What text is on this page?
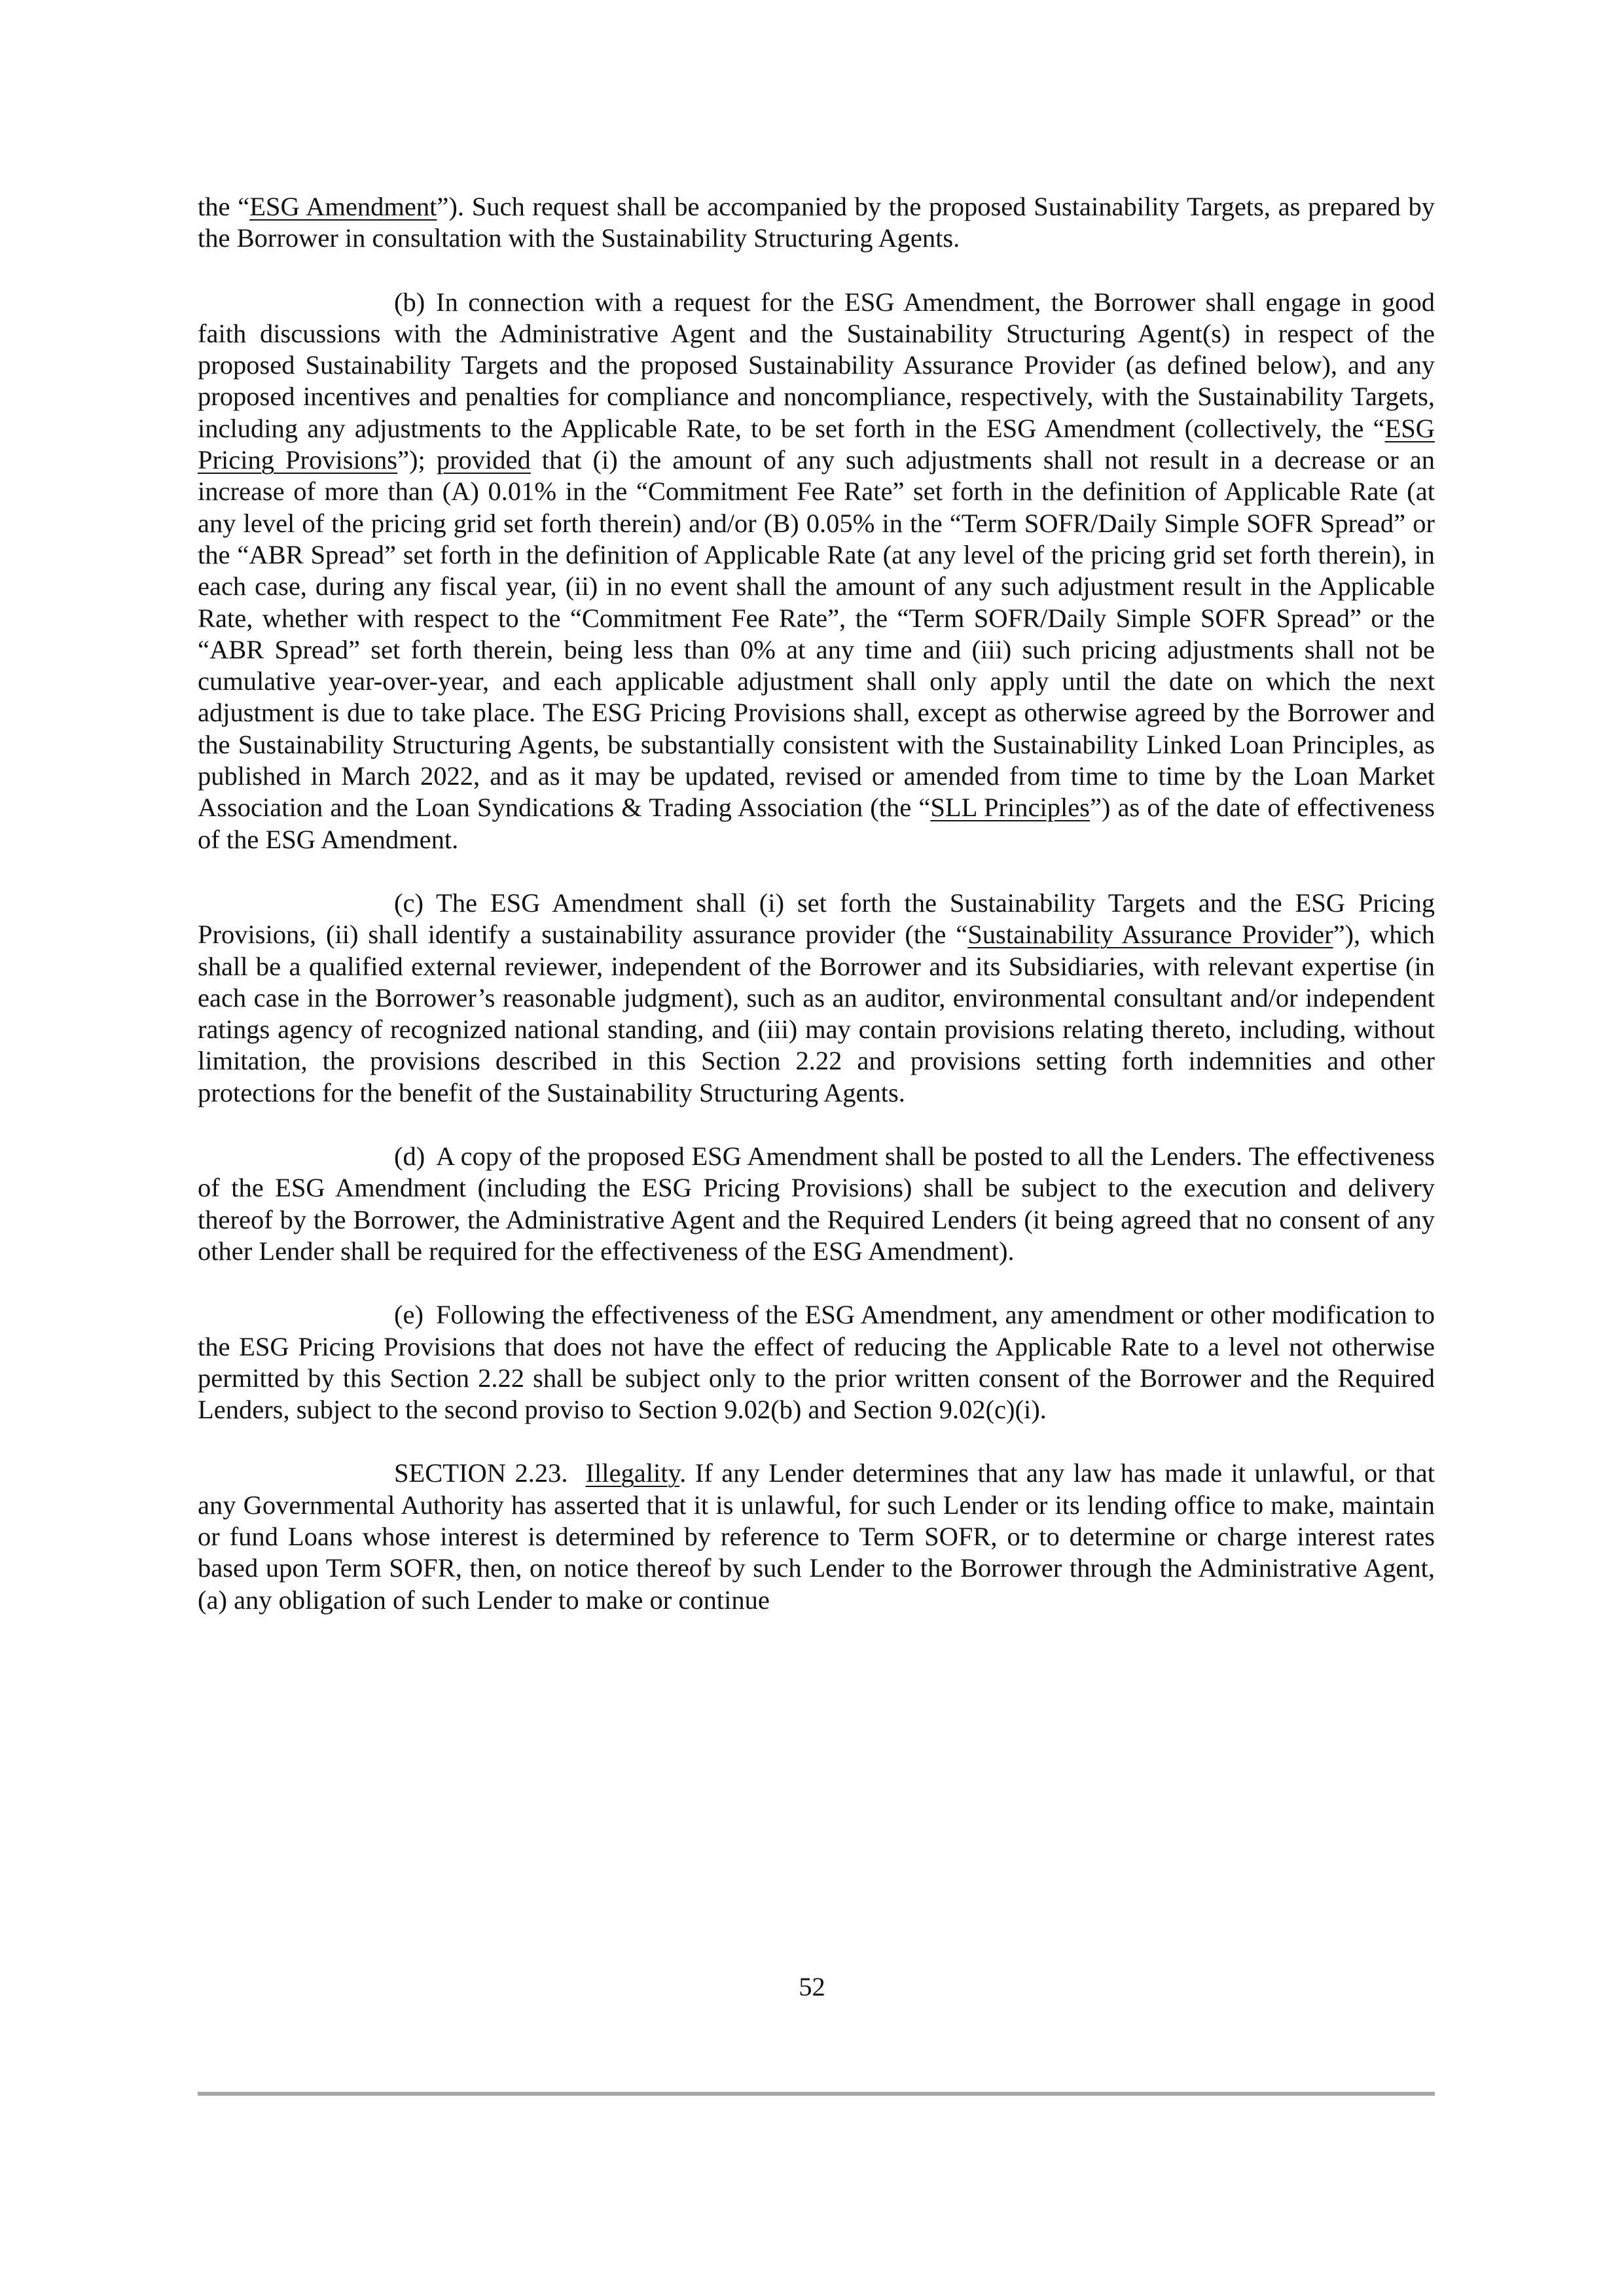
the “ESG Amendment”). Such request shall be accompanied by the proposed Sustainability Targets, as prepared by the Borrower in consultation with the Sustainability Structuring Agents.

(b) In connection with a request for the ESG Amendment, the Borrower shall engage in good faith discussions with the Administrative Agent and the Sustainability Structuring Agent(s) in respect of the proposed Sustainability Targets and the proposed Sustainability Assurance Provider (as defined below), and any proposed incentives and penalties for compliance and noncompliance, respectively, with the Sustainability Targets, including any adjustments to the Applicable Rate, to be set forth in the ESG Amendment (collectively, the “ESG Pricing Provisions”); provided that (i) the amount of any such adjustments shall not result in a decrease or an increase of more than (A) 0.01% in the “Commitment Fee Rate” set forth in the definition of Applicable Rate (at any level of the pricing grid set forth therein) and/or (B) 0.05% in the “Term SOFR/Daily Simple SOFR Spread” or the “ABR Spread” set forth in the definition of Applicable Rate (at any level of the pricing grid set forth therein), in each case, during any fiscal year, (ii) in no event shall the amount of any such adjustment result in the Applicable Rate, whether with respect to the “Commitment Fee Rate”, the “Term SOFR/Daily Simple SOFR Spread” or the “ABR Spread” set forth therein, being less than 0% at any time and (iii) such pricing adjustments shall not be cumulative year-over-year, and each applicable adjustment shall only apply until the date on which the next adjustment is due to take place. The ESG Pricing Provisions shall, except as otherwise agreed by the Borrower and the Sustainability Structuring Agents, be substantially consistent with the Sustainability Linked Loan Principles, as published in March 2022, and as it may be updated, revised or amended from time to time by the Loan Market Association and the Loan Syndications & Trading Association (the “SLL Principles”) as of the date of effectiveness of the ESG Amendment.

(c) The ESG Amendment shall (i) set forth the Sustainability Targets and the ESG Pricing Provisions, (ii) shall identify a sustainability assurance provider (the “Sustainability Assurance Provider”), which shall be a qualified external reviewer, independent of the Borrower and its Subsidiaries, with relevant expertise (in each case in the Borrower’s reasonable judgment), such as an auditor, environmental consultant and/or independent ratings agency of recognized national standing, and (iii) may contain provisions relating thereto, including, without limitation, the provisions described in this Section 2.22 and provisions setting forth indemnities and other protections for the benefit of the Sustainability Structuring Agents.

(d) A copy of the proposed ESG Amendment shall be posted to all the Lenders. The effectiveness of the ESG Amendment (including the ESG Pricing Provisions) shall be subject to the execution and delivery thereof by the Borrower, the Administrative Agent and the Required Lenders (it being agreed that no consent of any other Lender shall be required for the effectiveness of the ESG Amendment).

(e) Following the effectiveness of the ESG Amendment, any amendment or other modification to the ESG Pricing Provisions that does not have the effect of reducing the Applicable Rate to a level not otherwise permitted by this Section 2.22 shall be subject only to the prior written consent of the Borrower and the Required Lenders, subject to the second proviso to Section 9.02(b) and Section 9.02(c)(i).

SECTION 2.23. Illegality. If any Lender determines that any law has made it unlawful, or that any Governmental Authority has asserted that it is unlawful, for such Lender or its lending office to make, maintain or fund Loans whose interest is determined by reference to Term SOFR, or to determine or charge interest rates based upon Term SOFR, then, on notice thereof by such Lender to the Borrower through the Administrative Agent, (a) any obligation of such Lender to make or continue

52
